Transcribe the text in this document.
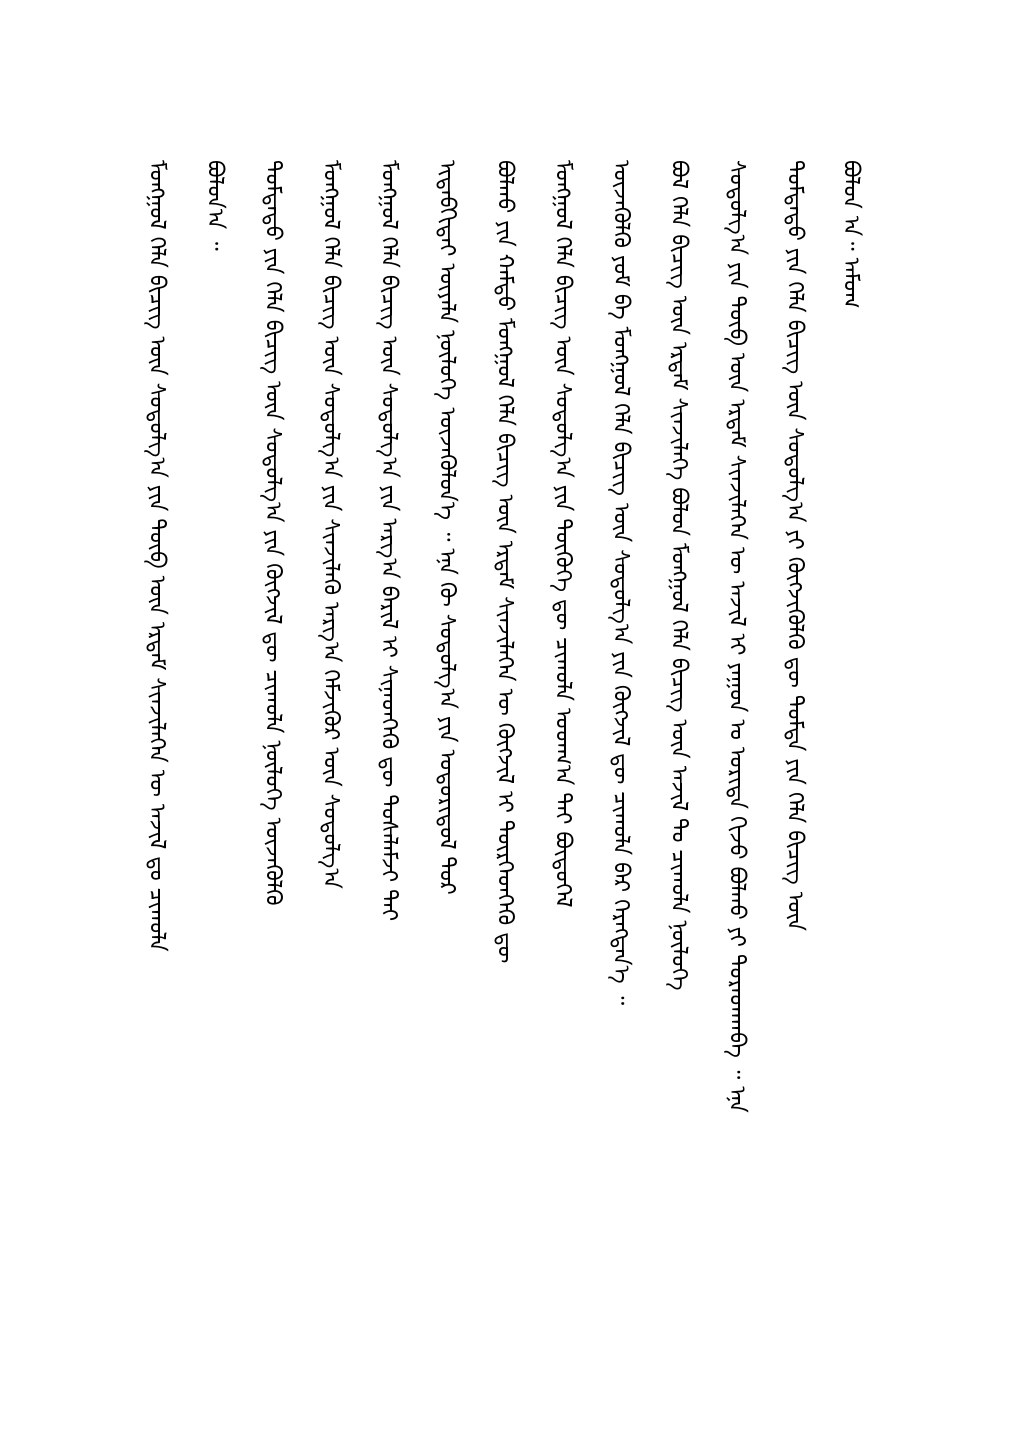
ᠪᠣᠯᠣᠨ ᠠ᠃ ᠠᠮᠤᠬ
ᠳᠤᠮᠳᠠᠳᠤ ᠶᠢᠨ ᠬᠡᠯᠡ ᠪᠢᠴᠢᠭ᠌ ᠦᠨ ᠰᠤᠳᠤᠯᠭ᠎ᠠ ᠶᠢ ᠬᠦᠭᠵᠢᠭᠦᠯᠬᠦ ᠳᠦ ᠳᠤᠮᠳᠠ ᠶᠢᠨ ᠬᠡᠯᠡ ᠪᠢᠴᠢᠭ᠌ ᠦᠨ
ᠰᠤᠳᠤᠯᠭ᠎ᠠ ᠶᠢᠨ ᠲᠦᠪ ᠦᠨ ᠡᠷᠳᠡᠮ ᠰᠢᠨᠵᠢᠯᠡᠭᠡᠨ ᠦ ᠠᠵᠢᠯ ᠢ ᠶᠠᠭᠤᠨ ᠤ ᠤᠷᠢᠳᠠ ᠬᠢᠵᠦ ᠪᠣᠯᠬᠤ ᠶᠢ ᠳᠤᠷᠠᠳᠬᠠᠪᠠ ᠃ ᠡᠨᠡ
ᠪᠣᠯ ᠬᠡᠯᠡ ᠪᠢᠴᠢᠭ᠌ ᠦᠨ ᠡᠷᠳᠡᠮ ᠰᠢᠨᠵᠢᠯᠡᠭᠡ ᠪᠣᠯᠤᠨ ᠮᠣᠩᠭᠣᠯ ᠬᠡᠯᠡ ᠪᠢᠴᠢᠭ᠌ ᠦᠨ ᠠᠵᠢᠯ ᠲᠤ ᠴᠢᠬᠤᠯᠠ ᠨᠦᠯᠦᠭᠡ
ᠦᠵᠡᠭᠦᠯᠬᠦ ᠶᠤᠮ ᠪᠠ ᠮᠣᠩᠭᠣᠯ ᠬᠡᠯᠡ ᠪᠢᠴᠢᠭ᠌ ᠦᠨ ᠰᠤᠳᠤᠯᠭ᠎ᠠ ᠶᠢᠨ ᠬᠦᠭᠵᠢᠯ ᠳᠦ ᠴᠢᠬᠤᠯᠠ ᠪᠠᠷ ᠬᠡᠷᠡᠭᠳᠡᠨ᠎ᠡ ᠃
ᠮᠣᠩᠭᠣᠯ ᠬᠡᠯᠡ ᠪᠢᠴᠢᠭ᠌ ᠦᠨ ᠰᠤᠳᠤᠯᠭ᠎ᠠ ᠶᠢᠨ ᠲᠦᠭᠦᠬᠡ ᠳᠦ ᠴᠢᠬᠤᠯᠠ ᠤᠳᠬ᠎ᠠ ᠲᠠᠢ ᠪᠦᠲᠦᠭᠡᠯ
ᠪᠣᠯᠬᠤ ᠶᠢᠨ ᠬᠠᠮᠲᠤ ᠮᠣᠩᠭᠣᠯ ᠬᠡᠯᠡ ᠪᠢᠴᠢᠭ᠌ ᠦᠨ ᠡᠷᠳᠡᠮ ᠰᠢᠨᠵᠢᠯᠡᠭᠡᠨ ᠦ ᠬᠦᠭᠵᠢᠯ ᠢ ᠲᠦᠷᠭᠡᠳᠬᠡᠬᠦ ᠳᠦ
ᠢᠳᠡᠪᠬᠢᠲᠡᠢ ᠦᠶᠡᠯᠡ ᠨᠦᠯᠦᠭᠡ ᠦᠵᠡᠭᠦᠯᠦᠨ᠎ᠡ ᠃ ᠡᠨᠡ ᠬᠦ ᠰᠤᠳᠤᠯᠭ᠎ᠠ ᠶᠢᠨ ᠤᠳᠤᠷᠢᠳᠤᠯ ᠳᠤᠷ
ᠮᠣᠩᠭᠣᠯ ᠬᠡᠯᠡ ᠪᠢᠴᠢᠭ᠌ ᠦᠨ ᠰᠤᠳᠤᠯᠭ᠎ᠠ ᠶᠢᠨ ᠠᠷᠭ᠎ᠠ ᠪᠠᠷᠢᠯ ᠢ ᠰᠢᠨᠡᠳᠬᠡᠬᠦ ᠳᠦ ᠲᠤᠰᠠᠯᠠᠮᠵᠢ ᠲᠠᠢ
ᠮᠣᠩᠭᠣᠯ ᠬᠡᠯᠡ ᠪᠢᠴᠢᠭ᠌ ᠦᠨ ᠰᠤᠳᠤᠯᠭ᠎ᠠ ᠶᠢᠨ ᠰᠢᠨᠵᠢᠯᠡᠬᠦ ᠠᠷᠭ᠎ᠠ ᠬᠡᠮᠵᠢᠭᠦᠷ ᠦᠨ ᠰᠤᠳᠤᠯᠭ᠎ᠠ
ᠳᠤᠮᠳᠠᠳᠤ ᠶᠢᠨ ᠬᠡᠯᠡ ᠪᠢᠴᠢᠭ᠌ ᠦᠨ ᠰᠤᠳᠤᠯᠭ᠎ᠠ ᠶᠢᠨ ᠬᠦᠭᠵᠢᠯ ᠳᠦ ᠴᠢᠬᠤᠯᠠ ᠨᠦᠯᠦᠭᠡ ᠦᠵᠡᠭᠦᠯᠬᠦ
ᠪᠣᠯᠤᠨ᠎ᠠ ᠃
ᠮᠣᠩᠭᠣᠯ ᠬᠡᠯᠡ ᠪᠢᠴᠢᠭ᠌ ᠦᠨ ᠰᠤᠳᠤᠯᠭ᠎ᠠ ᠶᠢᠨ ᠲᠦᠪ ᠦᠨ ᠡᠷᠳᠡᠮ ᠰᠢᠨᠵᠢᠯᠡᠭᠡᠨ ᠦ ᠠᠵᠢᠯ ᠳᠤ ᠴᠢᠬᠤᠯᠠ
